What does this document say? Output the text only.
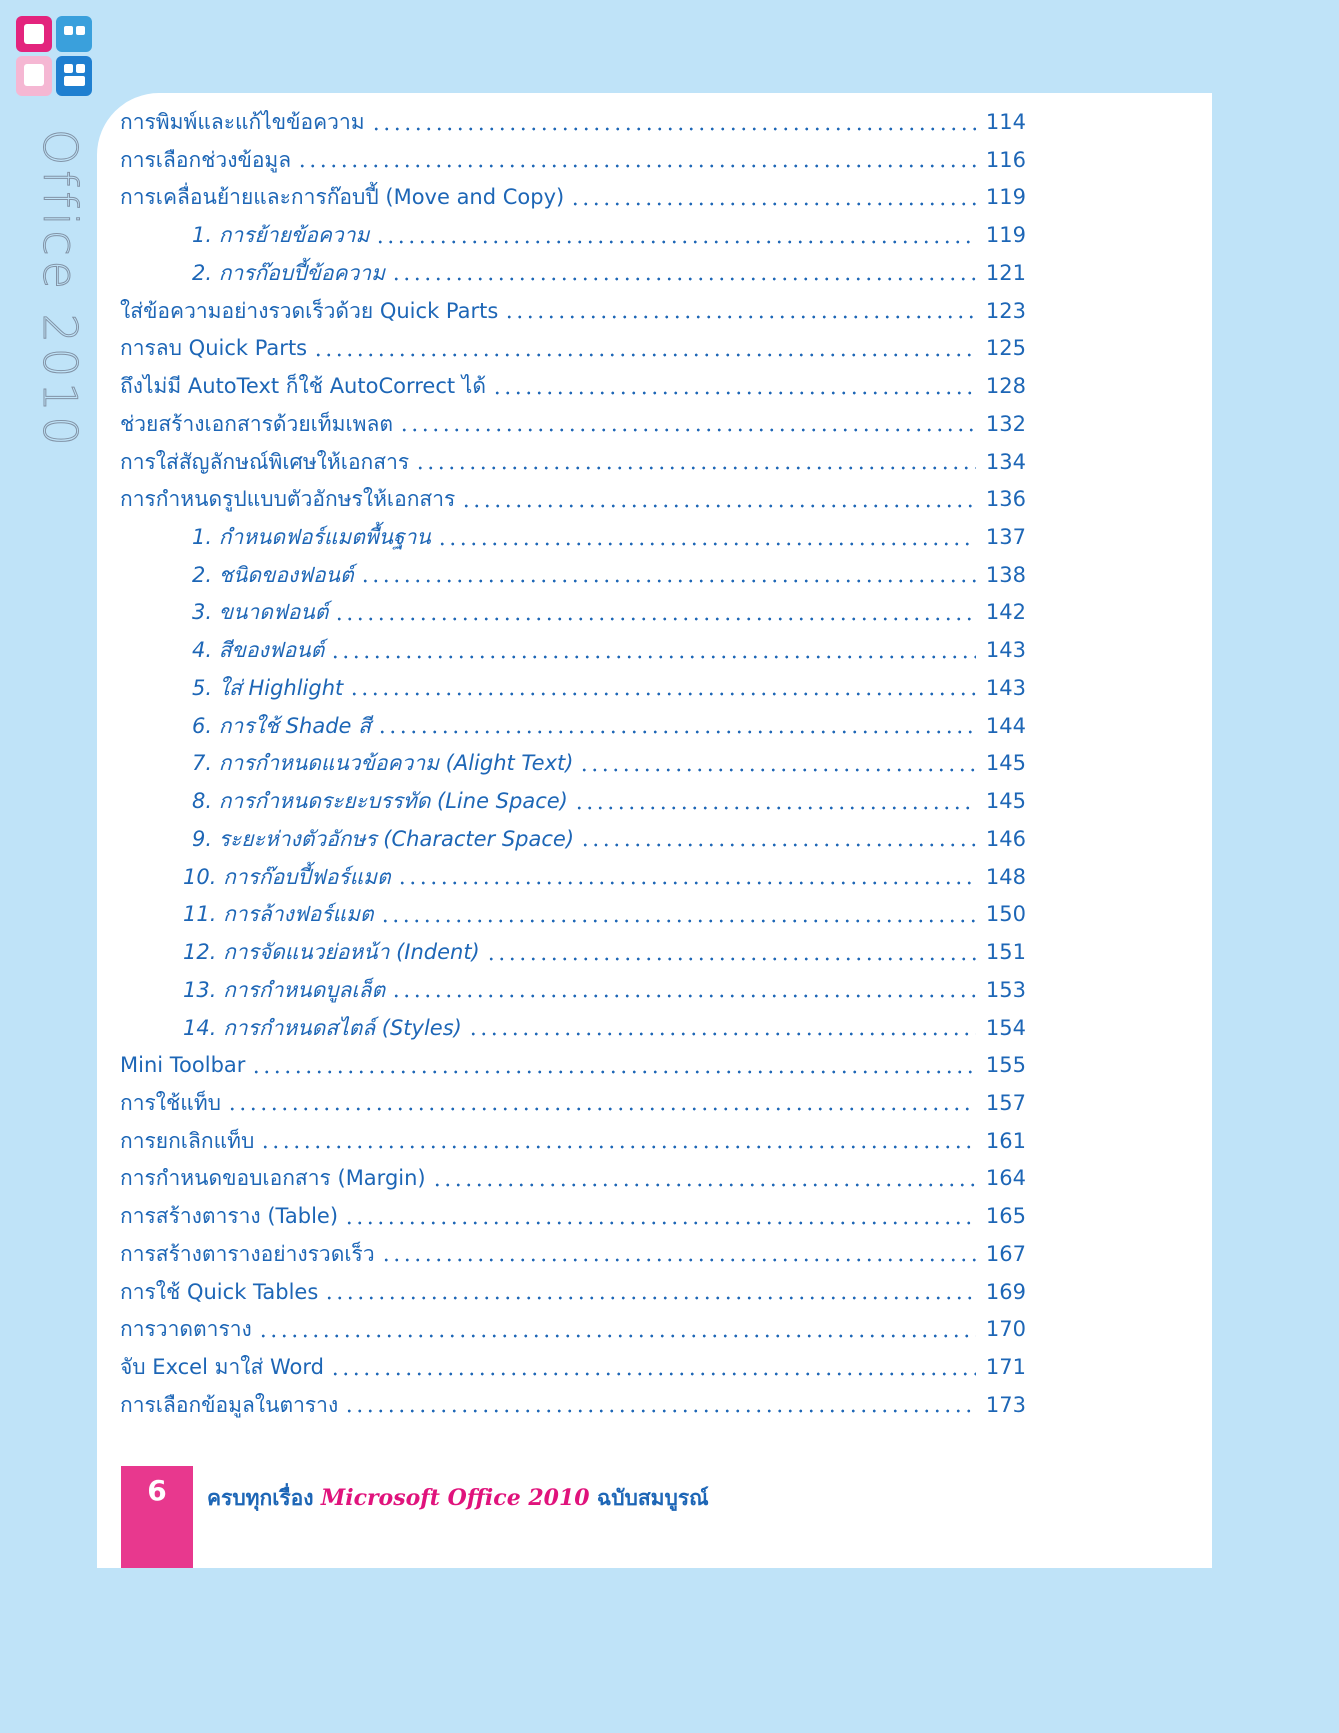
Office 2010
การพิมพ์และแก้ไขข้อความ	114
การเลือกช่วงข้อมูล	116
การเคลื่อนย้ายและการก๊อบปี้ (Move and Copy)	119
1. การย้ายข้อความ	119
2. การก๊อบปี้ข้อความ	121
ใส่ข้อความอย่างรวดเร็วด้วย Quick Parts	123
การลบ Quick Parts	125
ถึงไม่มี AutoText ก็ใช้ AutoCorrect ได้	128
ช่วยสร้างเอกสารด้วยเท็มเพลต	132
การใส่สัญลักษณ์พิเศษให้เอกสาร	134
การกำหนดรูปแบบตัวอักษรให้เอกสาร	136
1. กำหนดฟอร์แมตพื้นฐาน	137
2. ชนิดของฟอนต์	138
3. ขนาดฟอนต์	142
4. สีของฟอนต์	143
5. ใส่ Highlight	143
6. การใช้ Shade สี	144
7. การกำหนดแนวข้อความ (Alight Text)	145
8. การกำหนดระยะบรรทัด (Line Space)	145
9. ระยะห่างตัวอักษร (Character Space)	146
10. การก๊อบปี้ฟอร์แมต	148
11. การล้างฟอร์แมต	150
12. การจัดแนวย่อหน้า (Indent)	151
13. การกำหนดบูลเล็ต	153
14. การกำหนดสไตล์ (Styles)	154
Mini Toolbar	155
การใช้แท็บ	157
การยกเลิกแท็บ	161
การกำหนดขอบเอกสาร (Margin)	164
การสร้างตาราง (Table)	165
การสร้างตารางอย่างรวดเร็ว	167
การใช้ Quick Tables	169
การวาดตาราง	170
จับ Excel มาใส่ Word	171
การเลือกข้อมูลในตาราง	173
6	ครบทุกเรื่อง Microsoft Office 2010 ฉบับสมบูรณ์
